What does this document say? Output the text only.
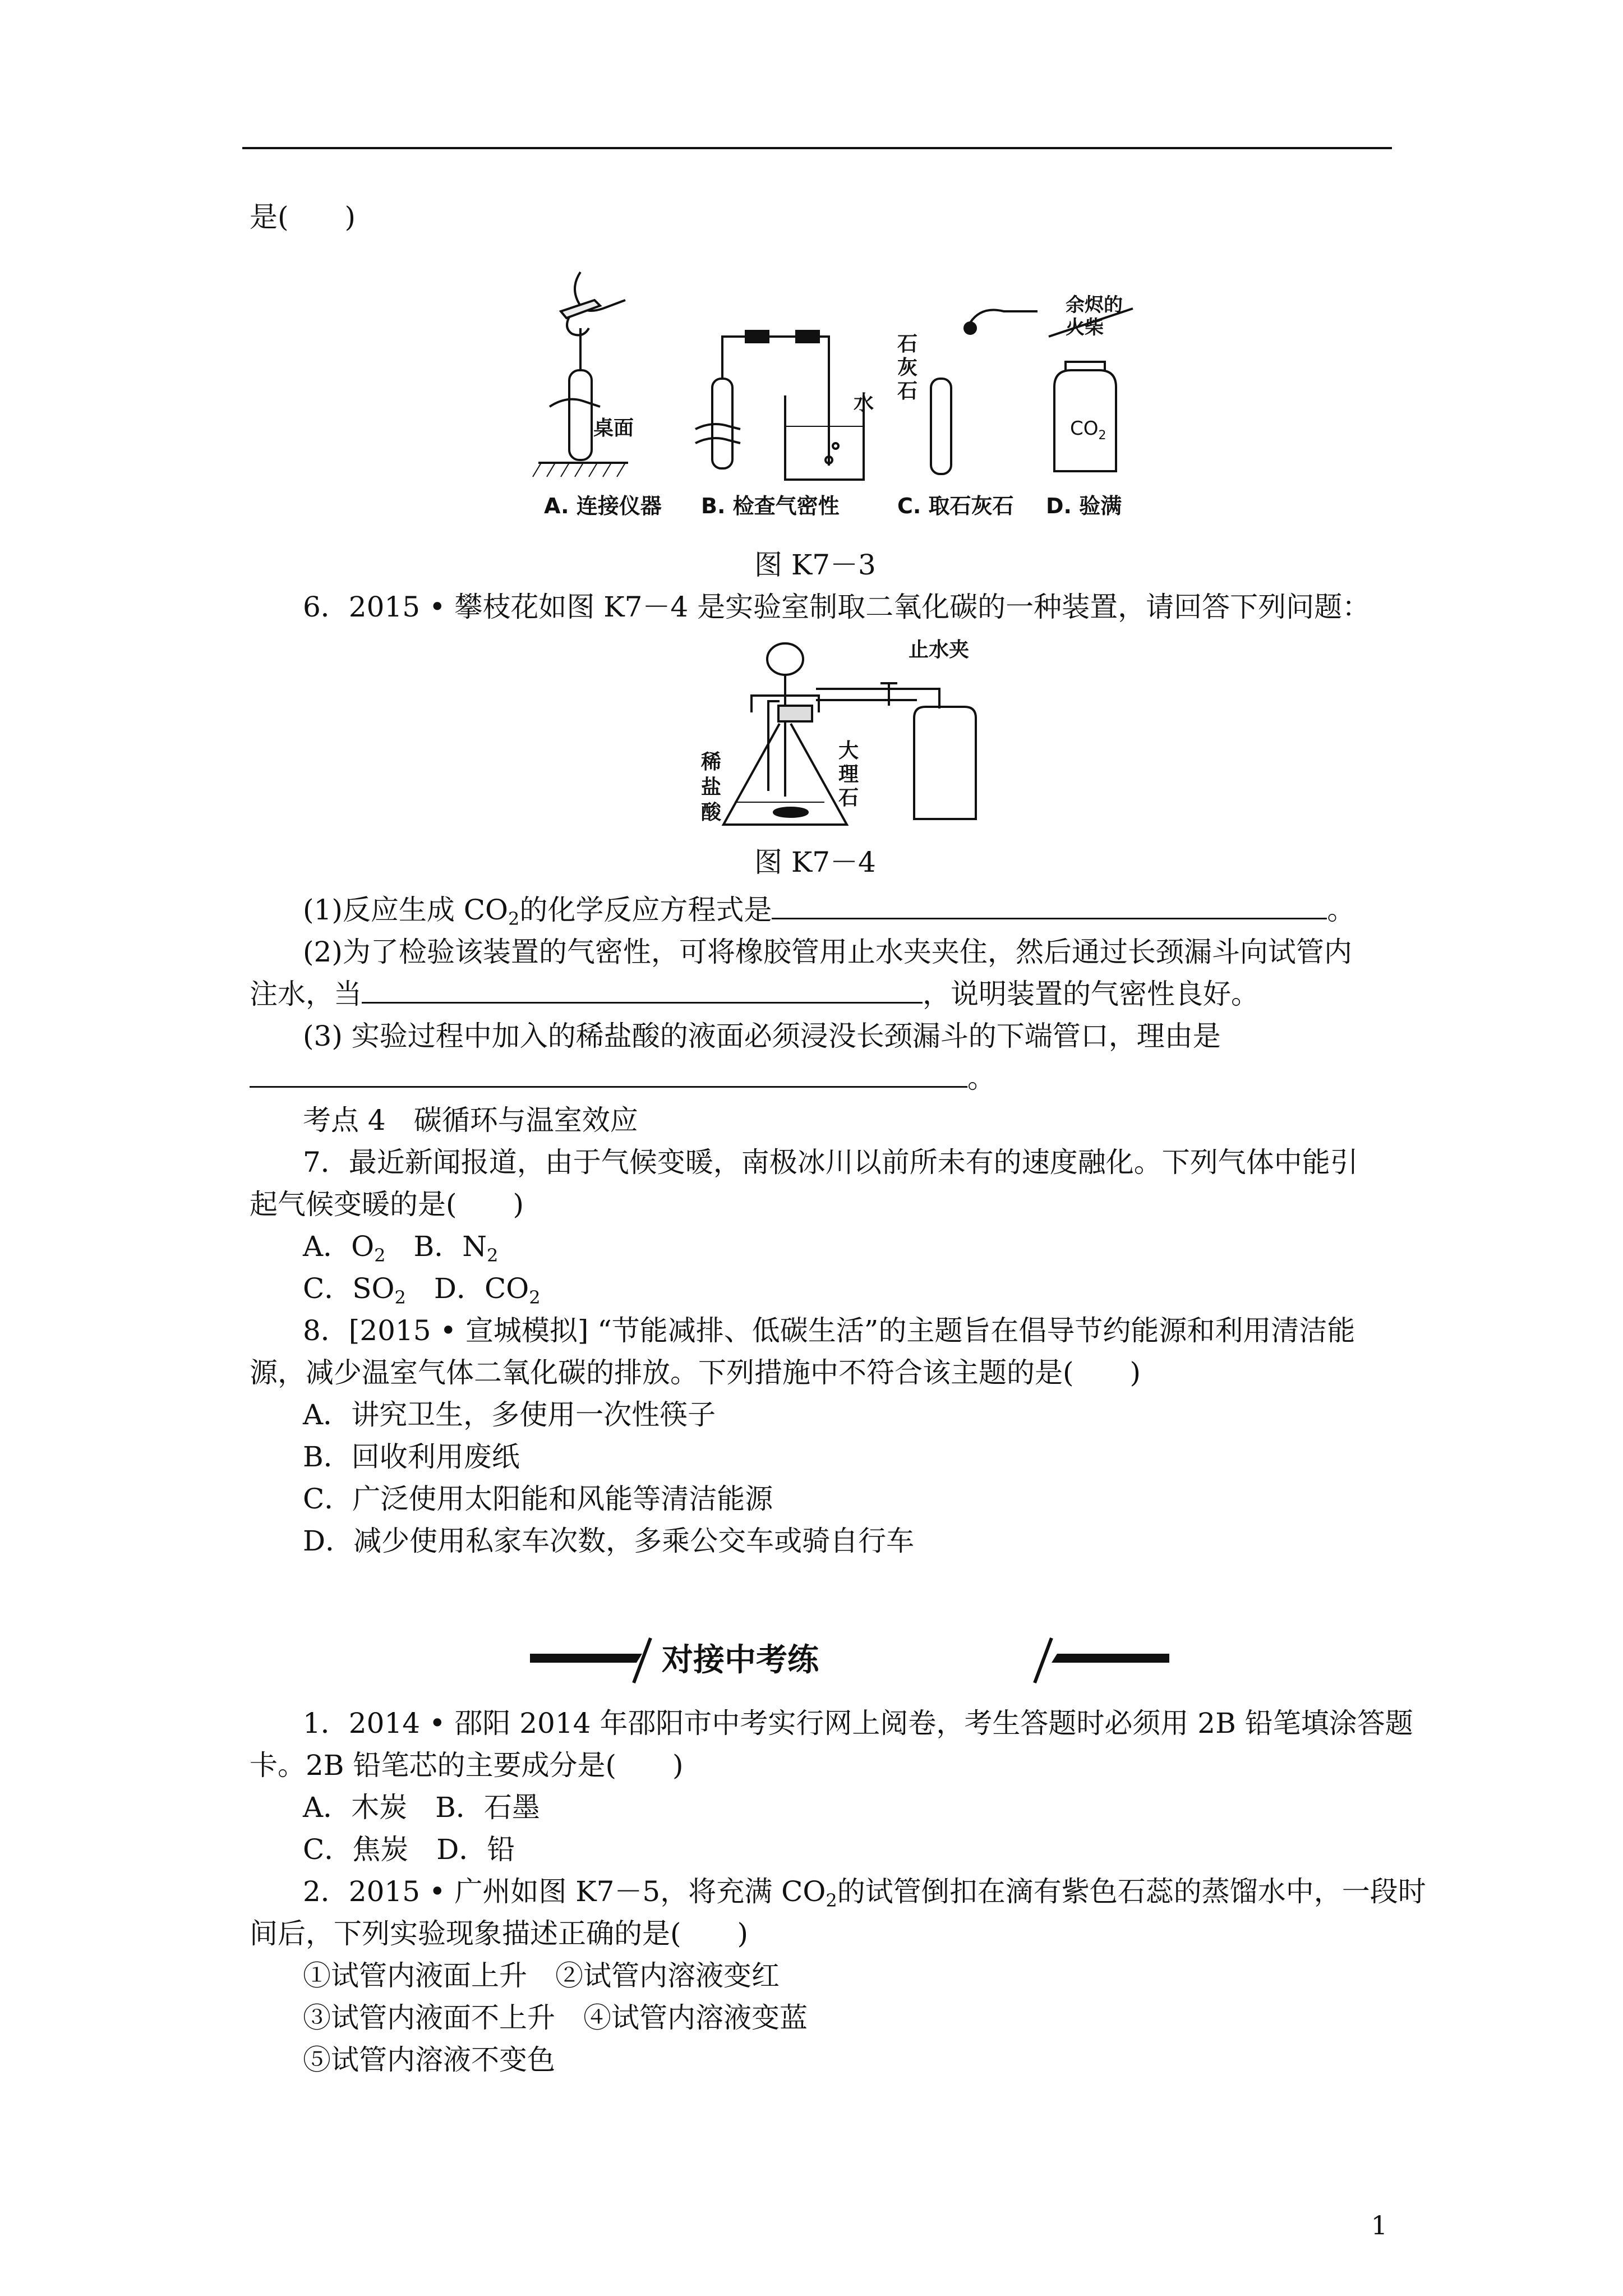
是(　　)
桌面
水
石
灰
石
余烬的
火柴
$CO_2$
A. 连接仪器 B. 检查气密性	C. 取石灰石 D. 验满
图 K7－3
6．2015 • 攀枝花如图 K7－4 是实验室制取二氧化碳的一种装置，请回答下列问题：
止水夹
稀
盐
酸
大
理
石
图 K7－4
(1)反应生成 $CO_2$的化学反应方程式是	。
(2)为了检验该装置的气密性，可将橡胶管用止水夹夹住，然后通过长颈漏斗向试管内
注水，当	，说明装置的气密性良好。
(3) 实验过程中加入的稀盐酸的液面必须浸没长颈漏斗的下端管口，理由是
。
考点 4　碳循环与温室效应
7．最近新闻报道，由于气候变暖，南极冰川以前所未有的速度融化。下列气体中能引
起气候变暖的是(　　)
A．$O_2$　 B．$N_2$
C．$SO_2$　 D．$CO_2$
8．[2015 • 宣城模拟] “节能减排、低碳生活”的主题旨在倡导节约能源和利用清洁能
源，减少温室气体二氧化碳的排放。下列措施中不符合该主题的是(　　)
A．讲究卫生，多使用一次性筷子
B．回收利用废纸
C．广泛使用太阳能和风能等清洁能源
D．减少使用私家车次数，多乘公交车或骑自行车
对接中考练
1．2014 • 邵阳 2014 年邵阳市中考实行网上阅卷，考生答题时必须用 2B 铅笔填涂答题
卡。2B 铅笔芯的主要成分是(　　)
A．木炭　B．石墨
C．焦炭　D．铅
2．2015 • 广州如图 K7－5，将充满 $CO_2$的试管倒扣在滴有紫色石蕊的蒸馏水中，一段时
间后，下列实验现象描述正确的是(　　)
①试管内液面上升　②试管内溶液变红
③试管内液面不上升　④试管内溶液变蓝
⑤试管内溶液不变色
1
